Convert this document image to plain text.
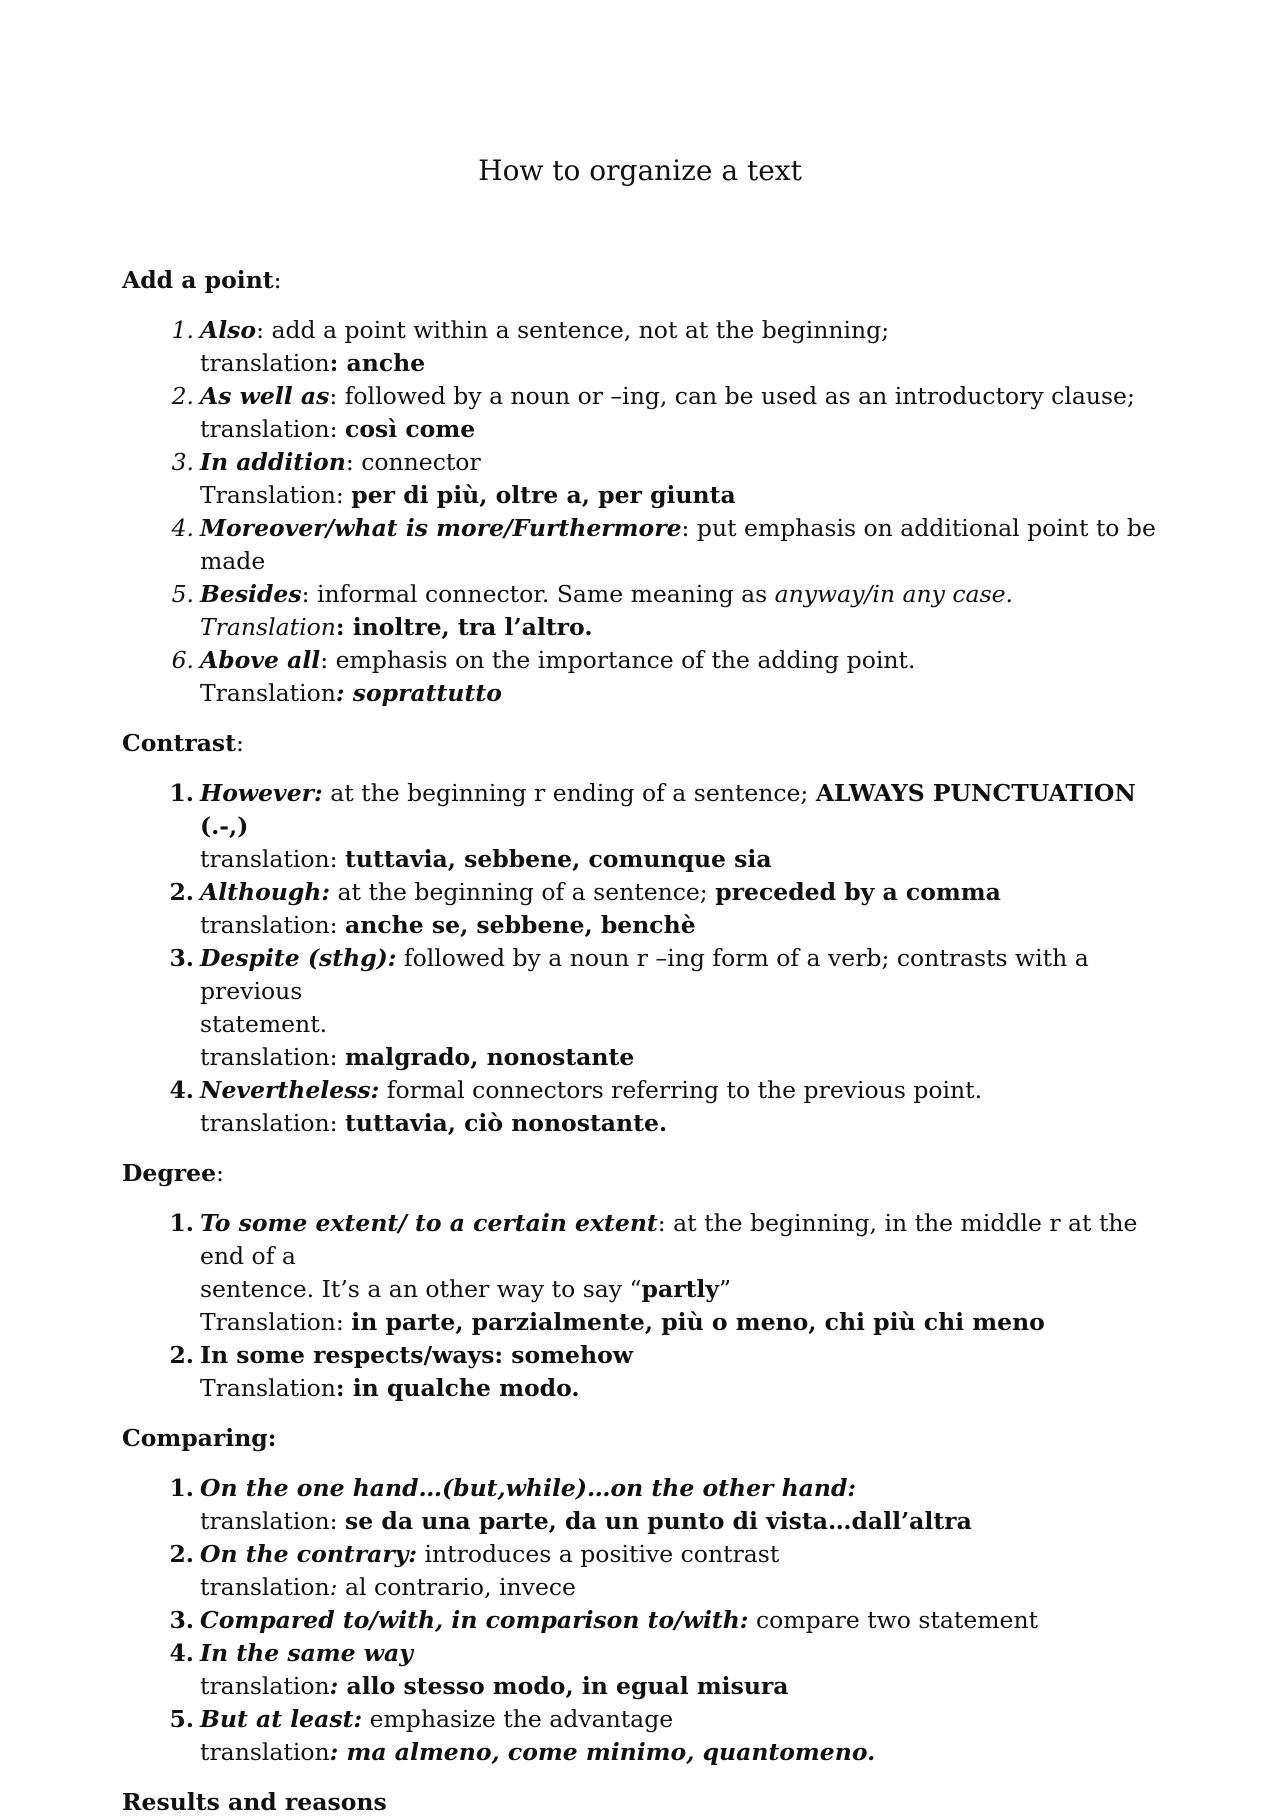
How to organize a text
Add a point:
1. Also: add a point within a sentence, not at the beginning;
translation: anche
2. As well as: followed by a noun or –ing, can be used as an introductory clause;
translation: così come
3. In addition: connector
Translation: per di più, oltre a, per giunta
4. Moreover/what is more/Furthermore: put emphasis on additional point to be made
5. Besides: informal connector. Same meaning as anyway/in any case.
Translation: inoltre, tra l’altro.
6. Above all: emphasis on the importance of the adding point.
Translation: soprattutto
Contrast:
1. However: at the beginning r ending of a sentence; ALWAYS PUNCTUATION (.-,)
translation: tuttavia, sebbene, comunque sia
2. Although: at the beginning of a sentence; preceded by a comma
translation: anche se, sebbene, benchè
3. Despite (sthg): followed by a noun r –ing form of a verb; contrasts with a previous
statement.
translation: malgrado, nonostante
4. Nevertheless: formal connectors referring to the previous point.
translation: tuttavia, ciò nonostante.
Degree:
1. To some extent/ to a certain extent: at the beginning, in the middle r at the end of a
sentence. It’s a an other way to say “partly”
Translation: in parte, parzialmente, più o meno, chi più chi meno
2. In some respects/ways: somehow
Translation: in qualche modo.
Comparing:
1. On the one hand…(but,while)…on the other hand:
translation: se da una parte, da un punto di vista…dall’altra
2. On the contrary: introduces a positive contrast
translation: al contrario, invece
3. Compared to/with, in comparison to/with: compare two statement
4. In the same way
translation: allo stesso modo, in egual misura
5. But at least: emphasize the advantage
translation: ma almeno, come minimo, quantomeno.
Results and reasons
